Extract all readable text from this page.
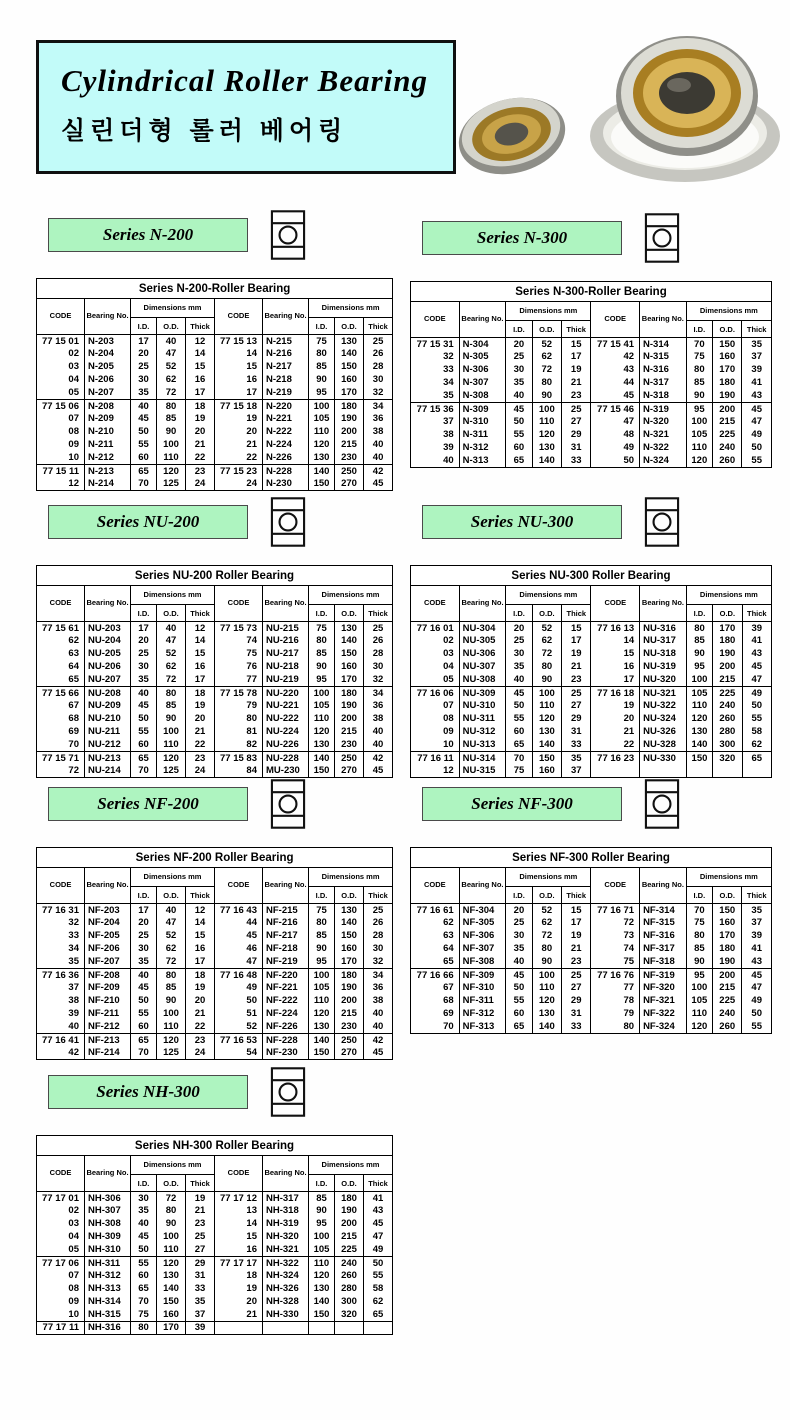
Cylindrical Roller Bearing
실린더형 롤러 베어링
Series N-200
Series N-200-Roller Bearing									
CODE	Bearing No.	Dimensions mm			CODE	Bearing No.	Dimensions mm		
		I.D.	O.D.	Thick			I.D.	O.D.	Thick
77 15 01	N-203	17	40	12	77 15 13	N-215	75	130	25
02	N-204	20	47	14	14	N-216	80	140	26
03	N-205	25	52	15	15	N-217	85	150	28
04	N-206	30	62	16	16	N-218	90	160	30
05	N-207	35	72	17	17	N-219	95	170	32
77 15 06	N-208	40	80	18	77 15 18	N-220	100	180	34
07	N-209	45	85	19	19	N-221	105	190	36
08	N-210	50	90	20	20	N-222	110	200	38
09	N-211	55	100	21	21	N-224	120	215	40
10	N-212	60	110	22	22	N-226	130	230	40
77 15 11	N-213	65	120	23	77 15 23	N-228	140	250	42
12	N-214	70	125	24	24	N-230	150	270	45
Series N-300
Series N-300-Roller Bearing									
CODE	Bearing No.	Dimensions mm			CODE	Bearing No.	Dimensions mm		
		I.D.	O.D.	Thick			I.D.	O.D.	Thick
77 15 31	N-304	20	52	15	77 15 41	N-314	70	150	35
32	N-305	25	62	17	42	N-315	75	160	37
33	N-306	30	72	19	43	N-316	80	170	39
34	N-307	35	80	21	44	N-317	85	180	41
35	N-308	40	90	23	45	N-318	90	190	43
77 15 36	N-309	45	100	25	77 15 46	N-319	95	200	45
37	N-310	50	110	27	47	N-320	100	215	47
38	N-311	55	120	29	48	N-321	105	225	49
39	N-312	60	130	31	49	N-322	110	240	50
40	N-313	65	140	33	50	N-324	120	260	55
Series NU-200
Series NU-200 Roller Bearing									
CODE	Bearing No.	Dimensions mm			CODE	Bearing No.	Dimensions mm		
		I.D.	O.D.	Thick			I.D.	O.D.	Thick
77 15 61	NU-203	17	40	12	77 15 73	NU-215	75	130	25
62	NU-204	20	47	14	74	NU-216	80	140	26
63	NU-205	25	52	15	75	NU-217	85	150	28
64	NU-206	30	62	16	76	NU-218	90	160	30
65	NU-207	35	72	17	77	NU-219	95	170	32
77 15 66	NU-208	40	80	18	77 15 78	NU-220	100	180	34
67	NU-209	45	85	19	79	NU-221	105	190	36
68	NU-210	50	90	20	80	NU-222	110	200	38
69	NU-211	55	100	21	81	NU-224	120	215	40
70	NU-212	60	110	22	82	NU-226	130	230	40
77 15 71	NU-213	65	120	23	77 15 83	NU-228	140	250	42
72	NU-214	70	125	24	84	MU-230	150	270	45
Series NU-300
Series NU-300 Roller Bearing									
CODE	Bearing No.	Dimensions mm			CODE	Bearing No.	Dimensions mm		
		I.D.	O.D.	Thick			I.D.	O.D.	Thick
77 16 01	NU-304	20	52	15	77 16 13	NU-316	80	170	39
02	NU-305	25	62	17	14	NU-317	85	180	41
03	NU-306	30	72	19	15	NU-318	90	190	43
04	NU-307	35	80	21	16	NU-319	95	200	45
05	NU-308	40	90	23	17	NU-320	100	215	47
77 16 06	NU-309	45	100	25	77 16 18	NU-321	105	225	49
07	NU-310	50	110	27	19	NU-322	110	240	50
08	NU-311	55	120	29	20	NU-324	120	260	55
09	NU-312	60	130	31	21	NU-326	130	280	58
10	NU-313	65	140	33	22	NU-328	140	300	62
77 16 11	NU-314	70	150	35	77 16 23	NU-330	150	320	65
12	NU-315	75	160	37					
Series NF-200
Series NF-200 Roller Bearing									
CODE	Bearing No.	Dimensions mm			CODE	Bearing No.	Dimensions mm		
		I.D.	O.D.	Thick			I.D.	O.D.	Thick
77 16 31	NF-203	17	40	12	77 16 43	NF-215	75	130	25
32	NF-204	20	47	14	44	NF-216	80	140	26
33	NF-205	25	52	15	45	NF-217	85	150	28
34	NF-206	30	62	16	46	NF-218	90	160	30
35	NF-207	35	72	17	47	NF-219	95	170	32
77 16 36	NF-208	40	80	18	77 16 48	NF-220	100	180	34
37	NF-209	45	85	19	49	NF-221	105	190	36
38	NF-210	50	90	20	50	NF-222	110	200	38
39	NF-211	55	100	21	51	NF-224	120	215	40
40	NF-212	60	110	22	52	NF-226	130	230	40
77 16 41	NF-213	65	120	23	77 16 53	NF-228	140	250	42
42	NF-214	70	125	24	54	NF-230	150	270	45
Series NF-300
Series NF-300 Roller Bearing									
CODE	Bearing No.	Dimensions mm			CODE	Bearing No.	Dimensions mm		
		I.D.	O.D.	Thick			I.D.	O.D.	Thick
77 16 61	NF-304	20	52	15	77 16 71	NF-314	70	150	35
62	NF-305	25	62	17	72	NF-315	75	160	37
63	NF-306	30	72	19	73	NF-316	80	170	39
64	NF-307	35	80	21	74	NF-317	85	180	41
65	NF-308	40	90	23	75	NF-318	90	190	43
77 16 66	NF-309	45	100	25	77 16 76	NF-319	95	200	45
67	NF-310	50	110	27	77	NF-320	100	215	47
68	NF-311	55	120	29	78	NF-321	105	225	49
69	NF-312	60	130	31	79	NF-322	110	240	50
70	NF-313	65	140	33	80	NF-324	120	260	55
Series NH-300
Series NH-300 Roller Bearing									
CODE	Bearing No.	Dimensions mm			CODE	Bearing No.	Dimensions mm		
		I.D.	O.D.	Thick			I.D.	O.D.	Thick
77 17 01	NH-306	30	72	19	77 17 12	NH-317	85	180	41
02	NH-307	35	80	21	13	NH-318	90	190	43
03	NH-308	40	90	23	14	NH-319	95	200	45
04	NH-309	45	100	25	15	NH-320	100	215	47
05	NH-310	50	110	27	16	NH-321	105	225	49
77 17 06	NH-311	55	120	29	77 17 17	NH-322	110	240	50
07	NH-312	60	130	31	18	NH-324	120	260	55
08	NH-313	65	140	33	19	NH-326	130	280	58
09	NH-314	70	150	35	20	NH-328	140	300	62
10	NH-315	75	160	37	21	NH-330	150	320	65
77 17 11	NH-316	80	170	39					
